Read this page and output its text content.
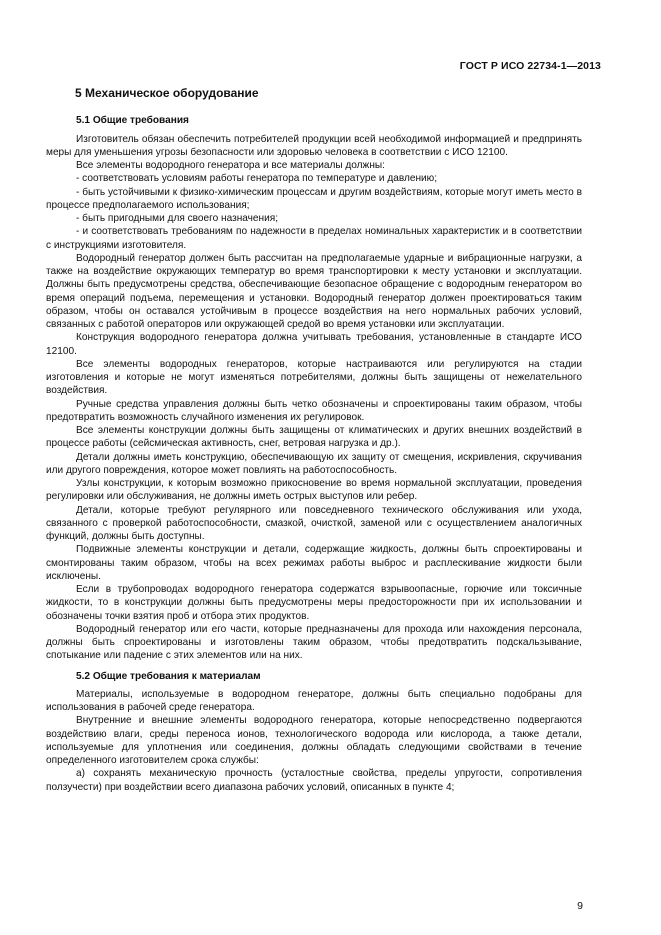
ГОСТ Р ИСО 22734-1—2013
5 Механическое оборудование
5.1 Общие требования

Изготовитель обязан обеспечить потребителей продукции всей необходимой информацией и предпринять меры для уменьшения угрозы безопасности или здоровью человека в соответствии с ИСО 12100.

Все элементы водородного генератора и все материалы должны:

- соответствовать условиям работы генератора по температуре и давлению;

- быть устойчивыми к физико-химическим процессам и другим воздействиям, которые могут иметь место в процессе предполагаемого использования;

- быть пригодными для своего назначения;

- и соответствовать требованиям по надежности в пределах номинальных характеристик и в соответствии с инструкциями изготовителя.

Водородный генератор должен быть рассчитан на предполагаемые ударные и вибрационные нагрузки, а также на воздействие окружающих температур во время транспортировки к месту установки и эксплуатации. Должны быть предусмотрены средства, обеспечивающие безопасное обращение с водородным генератором во время операций подъема, перемещения и установки. Водородный генератор должен проектироваться таким образом, чтобы он оставался устойчивым в процессе воздействия на него нормальных рабочих условий, связанных с работой операторов или окружающей средой во время установки или эксплуатации.

Конструкция водородного генератора должна учитывать требования, установленные в стандарте ИСО 12100.

Все элементы водородных генераторов, которые настраиваются или регулируются на стадии изготовления и которые не могут изменяться потребителями, должны быть защищены от нежелательного воздействия.

Ручные средства управления должны быть четко обозначены и спроектированы таким образом, чтобы предотвратить возможность случайного изменения их регулировок.

Все элементы конструкции должны быть защищены от климатических и других внешних воздействий в процессе работы (сейсмическая активность, снег, ветровая нагрузка и др.).

Детали должны иметь конструкцию, обеспечивающую их защиту от смещения, искривления, скручивания или другого повреждения, которое может повлиять на работоспособность.

Узлы конструкции, к которым возможно прикосновение во время нормальной эксплуатации, проведения регулировки или обслуживания, не должны иметь острых выступов или ребер.

Детали, которые требуют регулярного или повседневного технического обслуживания или ухода, связанного с проверкой работоспособности, смазкой, очисткой, заменой или с осуществлением аналогичных функций, должны быть доступны.

Подвижные элементы конструкции и детали, содержащие жидкость, должны быть спроектированы и смонтированы таким образом, чтобы на всех режимах работы выброс и расплескивание жидкости были исключены.

Если в трубопроводах водородного генератора содержатся взрывоопасные, горючие или токсичные жидкости, то в конструкции должны быть предусмотрены меры предосторожности при их использовании и обозначены точки взятия проб и отбора этих продуктов.

Водородный генератор или его части, которые предназначены для прохода или нахождения персонала, должны быть спроектированы и изготовлены таким образом, чтобы предотвратить подскальзывание, спотыкание или падение с этих элементов или на них.

5.2 Общие требования к материалам

Материалы, используемые в водородном генераторе, должны быть специально подобраны для использования в рабочей среде генератора.

Внутренние и внешние элементы водородного генератора, которые непосредственно подвергаются воздействию влаги, среды переноса ионов, технологического водорода или кислорода, а также детали, используемые для уплотнения или соединения, должны обладать следующими свойствами в течение определенного изготовителем срока службы:

а) сохранять механическую прочность (усталостные свойства, пределы упругости, сопротивления ползучести) при воздействии всего диапазона рабочих условий, описанных в пункте 4;

9
